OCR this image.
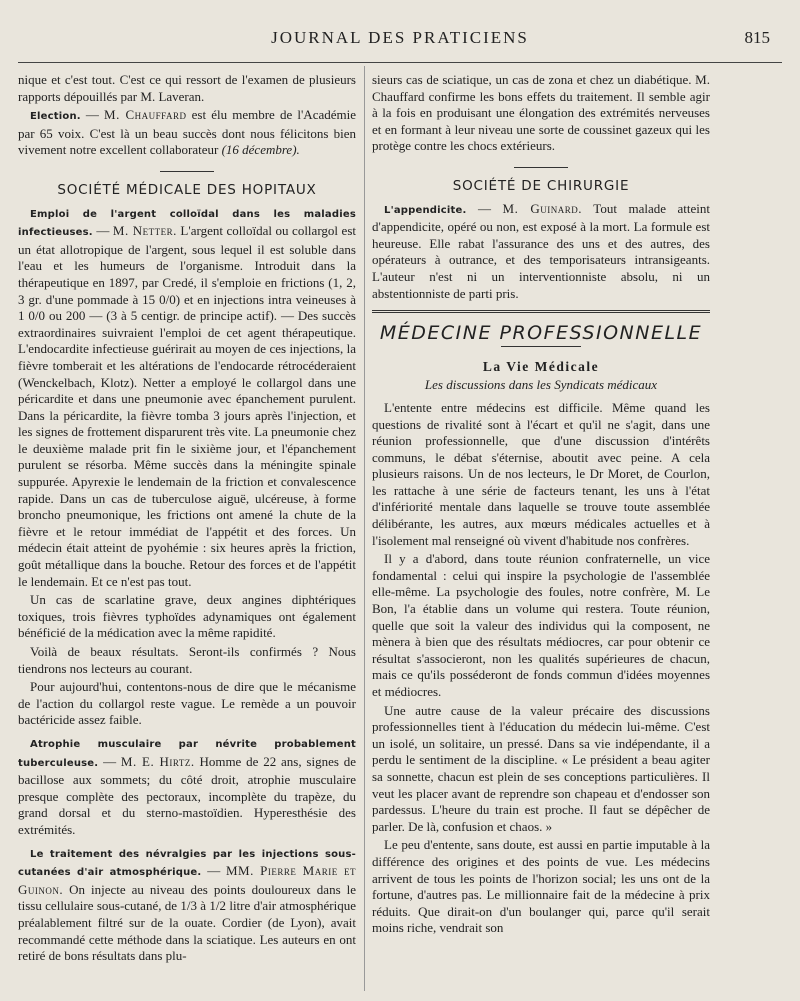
JOURNAL DES PRATICIENS	815

nique et c'est tout. C'est ce qui ressort de l'examen de plusieurs rapports dépouillés par M. Laveran.

Election. — M. Chauffard est élu membre de l'Académie par 65 voix. C'est là un beau succès dont nous félicitons bien vivement notre excellent collaborateur (16 décembre).

SOCIÉTÉ MÉDICALE DES HOPITAUX

Emploi de l'argent colloïdal dans les maladies infectieuses. — M. Netter. L'argent colloïdal ou collargol est un état allotropique de l'argent, sous lequel il est soluble dans l'eau et les humeurs de l'organisme. Introduit dans la thérapeutique en 1897, par Credé, il s'emploie en frictions (1, 2, 3 gr. d'une pommade à 15 0/0) et en injections intra veineuses à 1 0/0 ou 200 — (3 à 5 centigr. de principe actif). — Des succès extraordinaires suivraient l'emploi de cet agent thérapeutique. L'endocardite infectieuse guérirait au moyen de ces injections, la fièvre tomberait et les altérations de l'endocarde rétrocéderaient (Wenckelbach, Klotz). Netter a employé le collargol dans une péricardite et dans une pneumonie avec épanchement purulent. Dans la péricardite, la fièvre tomba 3 jours après l'injection, et les signes de frottement disparurent très vite. La pneumonie chez le deuxième malade prit fin le sixième jour, et l'épanchement purulent se résorba. Même succès dans la méningite spinale suppurée. Apyrexie le lendemain de la friction et convalescence rapide. Dans un cas de tuberculose aiguë, ulcéreuse, à forme broncho pneumonique, les frictions ont amené la chute de la fièvre et le retour immédiat de l'appétit et des forces. Un médecin était atteint de pyohémie : six heures après la friction, goût métallique dans la bouche. Retour des forces et de l'appétit le lendemain. Et ce n'est pas tout.

Un cas de scarlatine grave, deux angines diphtériques toxiques, trois fièvres typhoïdes adynamiques ont également bénéficié de la médication avec la même rapidité.

Voilà de beaux résultats. Seront-ils confirmés ? Nous tiendrons nos lecteurs au courant.

Pour aujourd'hui, contentons-nous de dire que le mécanisme de l'action du collargol reste vague. Le remède a un pouvoir bactéricide assez faible.

Atrophie musculaire par névrite probablement tuberculeuse. — M. E. Hirtz. Homme de 22 ans, signes de bacillose aux sommets; du côté droit, atrophie musculaire presque complète des pectoraux, incomplète du trapèze, du grand dorsal et du sterno-mastoïdien. Hyperesthésie des extrémités.

Le traitement des névralgies par les injections sous-cutanées d'air atmosphérique. — MM. Pierre Marie et Guinon. On injecte au niveau des points douloureux dans le tissu cellulaire sous-cutané, de 1/3 à 1/2 litre d'air atmosphérique préalablement filtré sur de la ouate. Cordier (de Lyon), avait recommandé cette méthode dans la sciatique. Les auteurs en ont retiré de bons résultats dans plu-

sieurs cas de sciatique, un cas de zona et chez un diabétique. M. Chauffard confirme les bons effets du traitement. Il semble agir à la fois en produisant une élongation des extrémités nerveuses et en formant à leur niveau une sorte de coussinet gazeux qui les protège contre les chocs extérieurs.

SOCIÉTÉ DE CHIRURGIE

L'appendicite. — M. Guinard. Tout malade atteint d'appendicite, opéré ou non, est exposé à la mort. La formule est heureuse. Elle rabat l'assurance des uns et des autres, des opérateurs à outrance, et des temporisateurs intransigeants. L'auteur n'est ni un interventionniste absolu, ni un abstentionniste de parti pris.

MÉDECINE PROFESSIONNELLE
La Vie Médicale
Les discussions dans les Syndicats médicaux

L'entente entre médecins est difficile. Même quand les questions de rivalité sont à l'écart et qu'il ne s'agit, dans une réunion professionnelle, que d'une discussion d'intérêts communs, le débat s'éternise, aboutit avec peine. A cela plusieurs raisons. Un de nos lecteurs, le Dr Moret, de Courlon, les rattache à une série de facteurs tenant, les uns à l'état d'infériorité mentale dans laquelle se trouve toute assemblée délibérante, les autres, aux mœurs médicales actuelles et à l'isolement mal renseigné où vivent d'habitude nos confrères.

Il y a d'abord, dans toute réunion confraternelle, un vice fondamental : celui qui inspire la psychologie de l'assemblée elle-même. La psychologie des foules, notre confrère, M. Le Bon, l'a établie dans un volume qui restera. Toute réunion, quelle que soit la valeur des individus qui la composent, ne mènera à bien que des résultats médiocres, car pour obtenir ce résultat s'associeront, non les qualités supérieures de chacun, mais ce qu'ils posséderont de fonds commun d'idées moyennes et médiocres.

Une autre cause de la valeur précaire des discussions professionnelles tient à l'éducation du médecin lui-même. C'est un isolé, un solitaire, un pressé. Dans sa vie indépendante, il a perdu le sentiment de la discipline. « Le président a beau agiter sa sonnette, chacun est plein de ses conceptions particulières. Il veut les placer avant de reprendre son chapeau et d'endosser son pardessus. L'heure du train est proche. Il faut se dépêcher de parler. De là, confusion et chaos. »

Le peu d'entente, sans doute, est aussi en partie imputable à la différence des origines et des points de vue. Les médecins arrivent de tous les points de l'horizon social; les uns ont de la fortune, d'autres pas. Le millionnaire fait de la médecine à prix réduits. Que dirait-on d'un boulanger qui, parce qu'il serait moins riche, vendrait son
